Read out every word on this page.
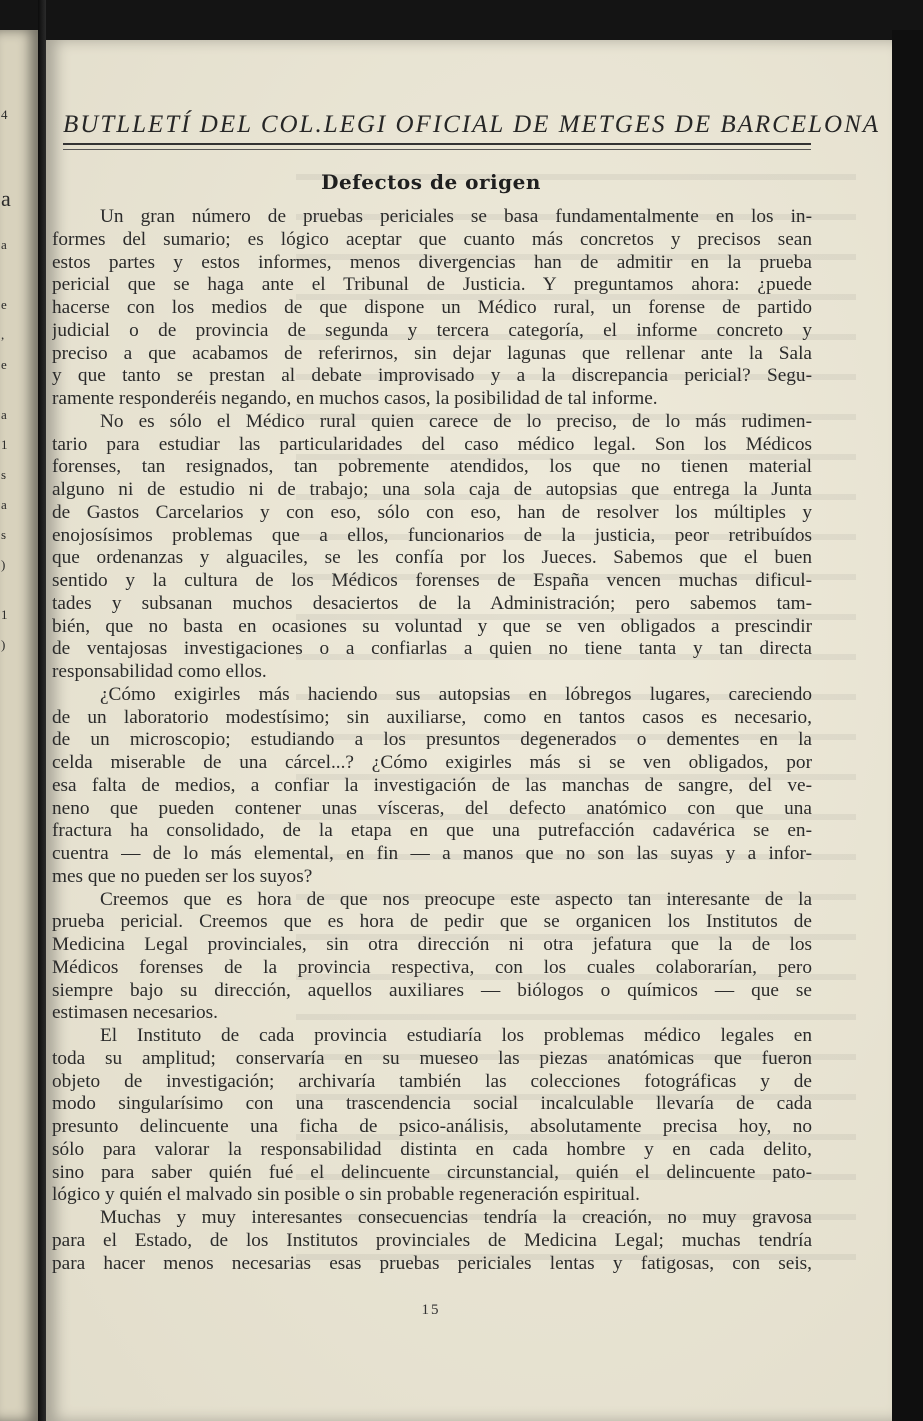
4
a
a
e
,
e
a
1
s
a
s
)
1
)
BUTLLETÍ DEL COL.LEGI OFICIAL DE METGES DE BARCELONA
Defectos de origen
Un gran número de pruebas periciales se basa fundamentalmente en los in-
formes del sumario; es lógico aceptar que cuanto más concretos y precisos sean
estos partes y estos informes, menos divergencias han de admitir en la prueba
pericial que se haga ante el Tribunal de Justicia. Y preguntamos ahora: ¿puede
hacerse con los medios de que dispone un Médico rural, un forense de partido
judicial o de provincia de segunda y tercera categoría, el informe concreto y
preciso a que acabamos de referirnos, sin dejar lagunas que rellenar ante la Sala
y que tanto se prestan al debate improvisado y a la discrepancia pericial? Segu-
ramente responderéis negando, en muchos casos, la posibilidad de tal informe.
No es sólo el Médico rural quien carece de lo preciso, de lo más rudimen-
tario para estudiar las particularidades del caso médico legal. Son los Médicos
forenses, tan resignados, tan pobremente atendidos, los que no tienen material
alguno ni de estudio ni de trabajo; una sola caja de autopsias que entrega la Junta
de Gastos Carcelarios y con eso, sólo con eso, han de resolver los múltiples y
enojosísimos problemas que a ellos, funcionarios de la justicia, peor retribuídos
que ordenanzas y alguaciles, se les confía por los Jueces. Sabemos que el buen
sentido y la cultura de los Médicos forenses de España vencen muchas dificul-
tades y subsanan muchos desaciertos de la Administración; pero sabemos tam-
bién, que no basta en ocasiones su voluntad y que se ven obligados a prescindir
de ventajosas investigaciones o a confiarlas a quien no tiene tanta y tan directa
responsabilidad como ellos.
¿Cómo exigirles más haciendo sus autopsias en lóbregos lugares, careciendo
de un laboratorio modestísimo; sin auxiliarse, como en tantos casos es necesario,
de un microscopio; estudiando a los presuntos degenerados o dementes en la
celda miserable de una cárcel...? ¿Cómo exigirles más si se ven obligados, por
esa falta de medios, a confiar la investigación de las manchas de sangre, del ve-
neno que pueden contener unas vísceras, del defecto anatómico con que una
fractura ha consolidado, de la etapa en que una putrefacción cadavérica se en-
cuentra — de lo más elemental, en fin — a manos que no son las suyas y a infor-
mes que no pueden ser los suyos?
Creemos que es hora de que nos preocupe este aspecto tan interesante de la
prueba pericial. Creemos que es hora de pedir que se organicen los Institutos de
Medicina Legal provinciales, sin otra dirección ni otra jefatura que la de los
Médicos forenses de la provincia respectiva, con los cuales colaborarían, pero
siempre bajo su dirección, aquellos auxiliares — biólogos o químicos — que se
estimasen necesarios.
El Instituto de cada provincia estudiaría los problemas médico legales en
toda su amplitud; conservaría en su mueseo las piezas anatómicas que fueron
objeto de investigación; archivaría también las colecciones fotográficas y de
modo singularísimo con una trascendencia social incalculable llevaría de cada
presunto delincuente una ficha de psico-análisis, absolutamente precisa hoy, no
sólo para valorar la responsabilidad distinta en cada hombre y en cada delito,
sino para saber quién fué el delincuente circunstancial, quién el delincuente pato-
lógico y quién el malvado sin posible o sin probable regeneración espiritual.
Muchas y muy interesantes consecuencias tendría la creación, no muy gravosa
para el Estado, de los Institutos provinciales de Medicina Legal; muchas tendría
para hacer menos necesarias esas pruebas periciales lentas y fatigosas, con seis,
15
